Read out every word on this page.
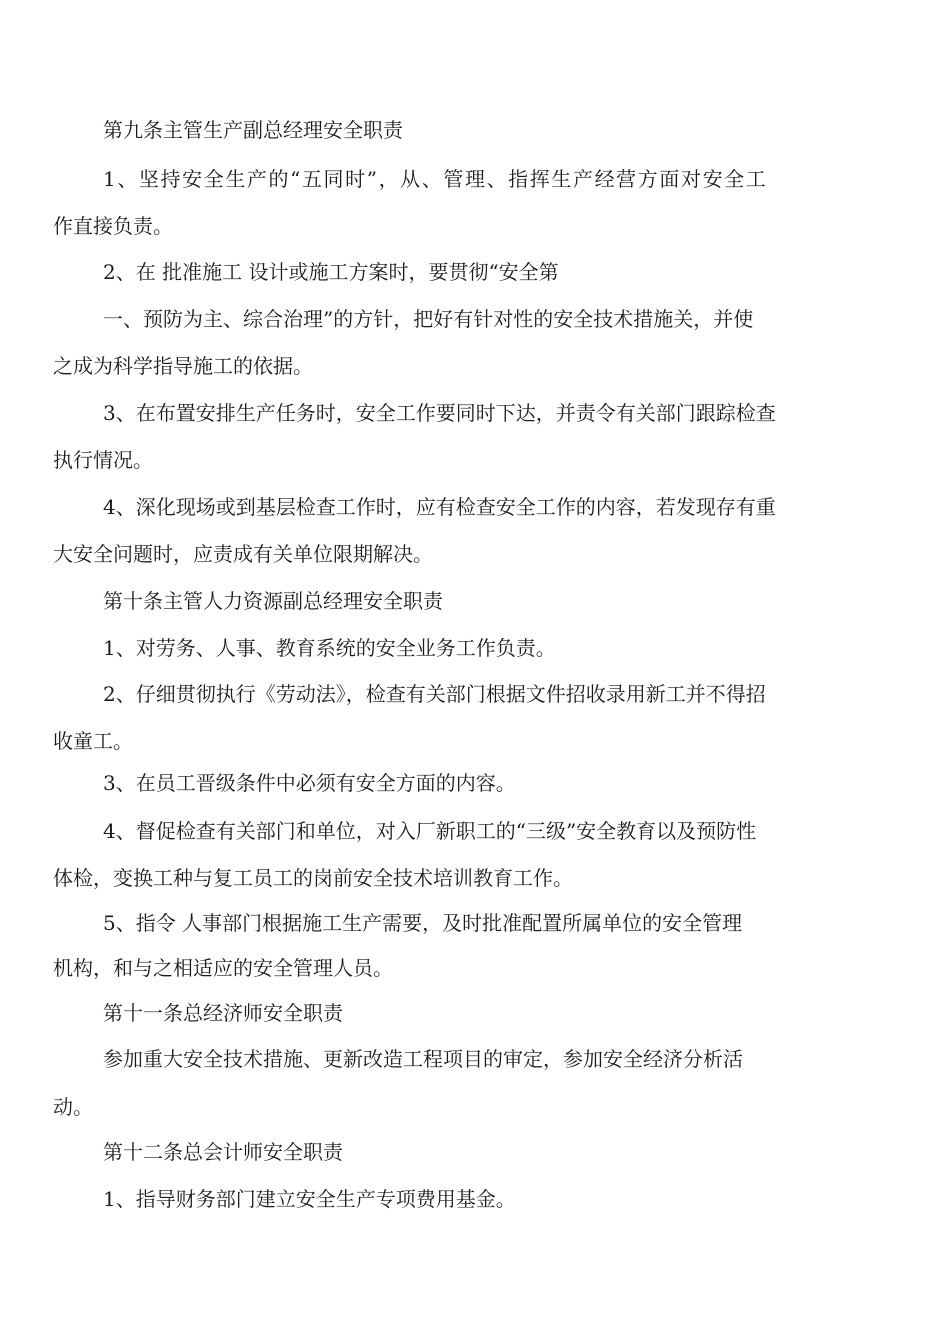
第九条主管生产副总经理安全职责

1、坚持安全生产的“五同时”，从、管理、指挥生产经营方面对安全工

作直接负责。

2、在 批准施工 设计或施工方案时，要贯彻“安全第

一、预防为主、综合治理”的方针，把好有针对性的安全技术措施关，并使

之成为科学指导施工的依据。

3、在布置安排生产任务时，安全工作要同时下达，并责令有关部门跟踪检查

执行情况。

4、深化现场或到基层检查工作时，应有检查安全工作的内容，若发现存有重

大安全问题时，应责成有关单位限期解决。

第十条主管人力资源副总经理安全职责

1、对劳务、人事、教育系统的安全业务工作负责。

2、仔细贯彻执行《劳动法》，检查有关部门根据文件招收录用新工并不得招

收童工。

3、在员工晋级条件中必须有安全方面的内容。

4、督促检查有关部门和单位，对入厂新职工的“三级”安全教育以及预防性

体检，变换工种与复工员工的岗前安全技术培训教育工作。

5、指令 人事部门根据施工生产需要，及时批准配置所属单位的安全管理

机构，和与之相适应的安全管理人员。

第十一条总经济师安全职责

参加重大安全技术措施、更新改造工程项目的审定，参加安全经济分析活

动。

第十二条总会计师安全职责

1、指导财务部门建立安全生产专项费用基金。
